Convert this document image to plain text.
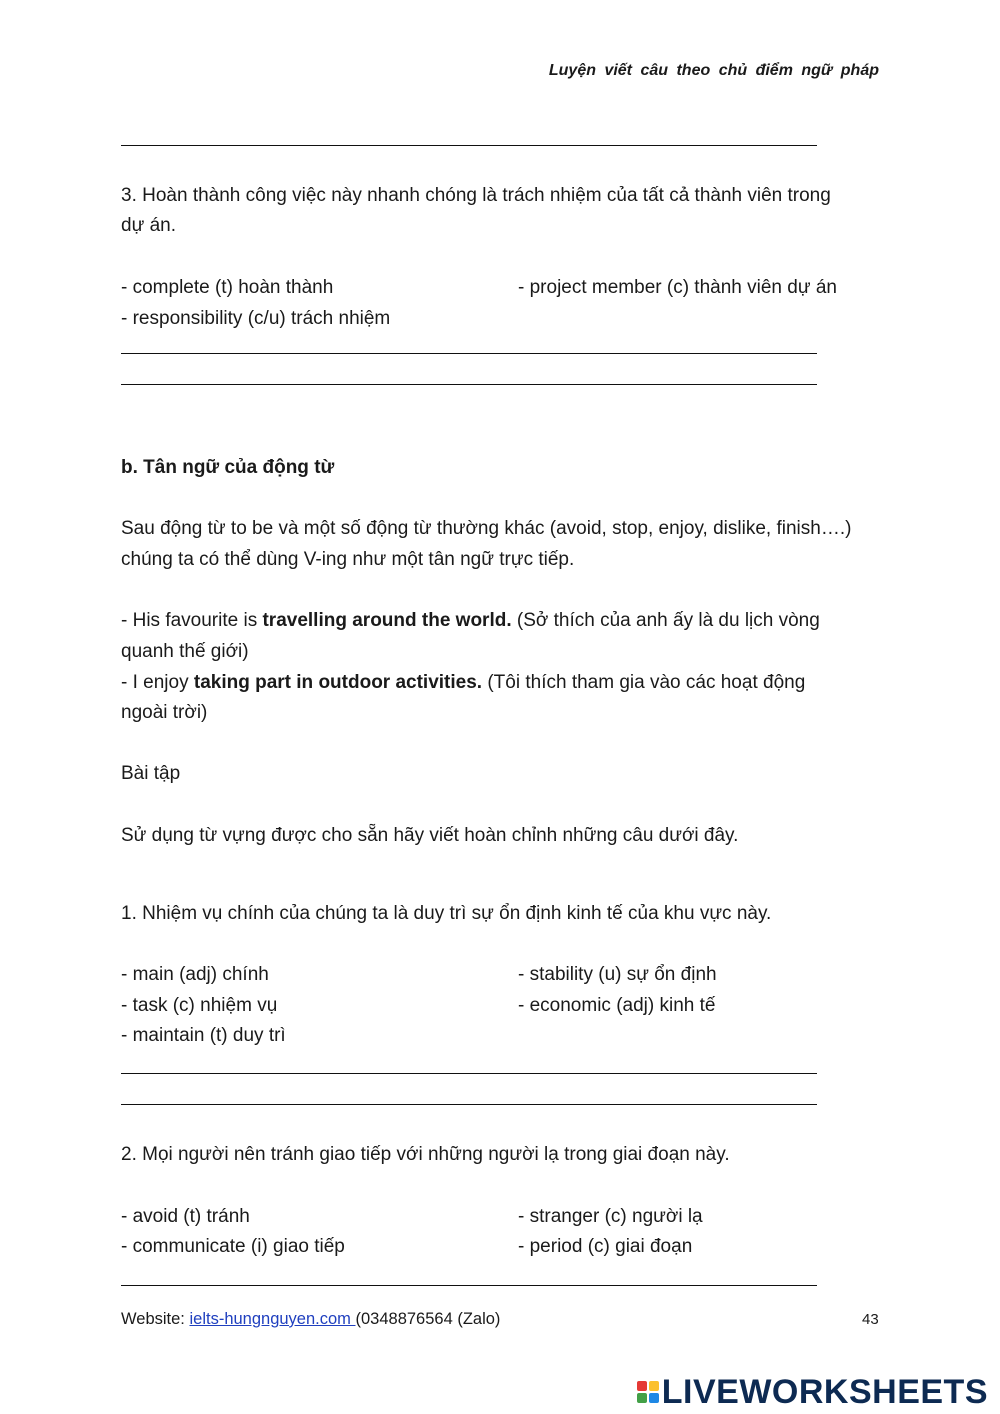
Luyện viết câu theo chủ điểm ngữ pháp
3. Hoàn thành công việc này nhanh chóng là trách nhiệm của tất cả thành viên trong
dự án.
- complete (t) hoàn thành	- project member (c) thành viên dự án
- responsibility (c/u) trách nhiệm
b. Tân ngữ của động từ
Sau động từ to be và một số động từ thường khác (avoid, stop, enjoy, dislike, finish….)
chúng ta có thể dùng V-ing như một tân ngữ trực tiếp.
- His favourite is travelling around the world. (Sở thích của anh ấy là du lịch vòng
quanh thế giới)
- I enjoy taking part in outdoor activities. (Tôi thích tham gia vào các hoạt động
ngoài trời)
Bài tập
Sử dụng từ vựng được cho sẵn hãy viết hoàn chỉnh những câu dưới đây.
1. Nhiệm vụ chính của chúng ta là duy trì sự ổn định kinh tế của khu vực này.
- main (adj) chính	- stability (u) sự ổn định
- task (c) nhiệm vụ	- economic (adj) kinh tế
- maintain (t) duy trì
2. Mọi người nên tránh giao tiếp với những người lạ trong giai đoạn này.
- avoid (t) tránh	- stranger (c) người lạ
- communicate (i) giao tiếp	- period (c) giai đoạn
Website: ielts-hungnguyen.com (0348876564 (Zalo)	43
LIVEWORKSHEETS
